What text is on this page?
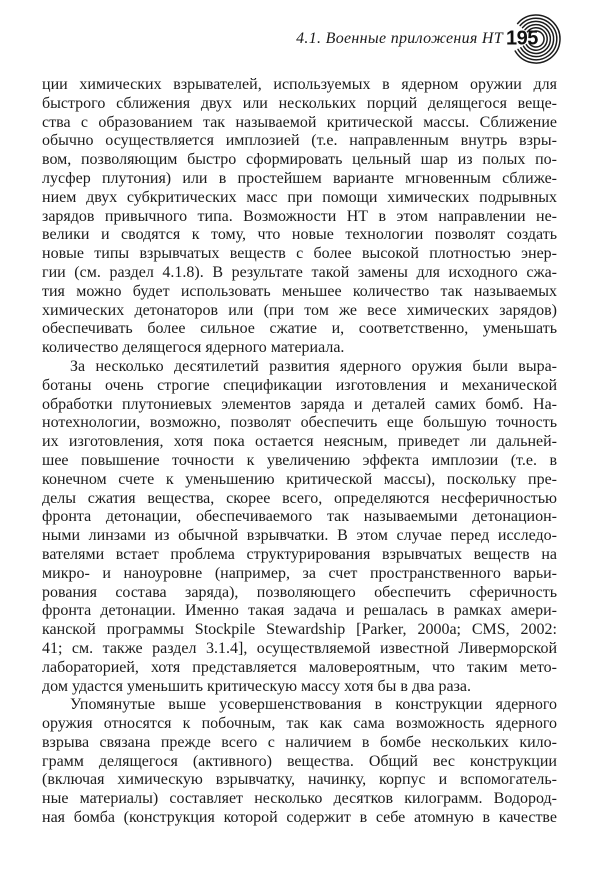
4.1. Военные приложения НТ 195
ции химических взрывателей, используемых в ядерном оружии для
быстрого сближения двух или нескольких порций делящегося веще-
ства с образованием так называемой критической массы. Сближение
обычно осуществляется имплозией (т.е. направленным внутрь взры-
вом, позволяющим быстро сформировать цельный шар из полых по-
лусфер плутония) или в простейшем варианте мгновенным сближе-
нием двух субкритических масс при помощи химических подрывных
зарядов привычного типа. Возможности НТ в этом направлении не-
велики и сводятся к тому, что новые технологии позволят создать
новые типы взрывчатых веществ с более высокой плотностью энер-
гии (см. раздел 4.1.8). В результате такой замены для исходного сжа-
тия можно будет использовать меньшее количество так называемых
химических детонаторов или (при том же весе химических зарядов)
обеспечивать более сильное сжатие и, соответственно, уменьшать
количество делящегося ядерного материала.
За несколько десятилетий развития ядерного оружия были выра-
ботаны очень строгие спецификации изготовления и механической
обработки плутониевых элементов заряда и деталей самих бомб. На-
нотехнологии, возможно, позволят обеспечить еще большую точность
их изготовления, хотя пока остается неясным, приведет ли дальней-
шее повышение точности к увеличению эффекта имплозии (т.е. в
конечном счете к уменьшению критической массы), поскольку пре-
делы сжатия вещества, скорее всего, определяются несферичностью
фронта детонации, обеспечиваемого так называемыми детонацион-
ными линзами из обычной взрывчатки. В этом случае перед исследо-
вателями встает проблема структурирования взрывчатых веществ на
микро- и наноуровне (например, за счет пространственного варьи-
рования состава заряда), позволяющего обеспечить сферичность
фронта детонации. Именно такая задача и решалась в рамках амери-
канской программы Stockpile Stewardship [Parker, 2000a; CMS, 2002:
41; см. также раздел 3.1.4], осуществляемой известной Ливерморской
лабораторией, хотя представляется маловероятным, что таким мето-
дом удастся уменьшить критическую массу хотя бы в два раза.
Упомянутые выше усовершенствования в конструкции ядерного
оружия относятся к побочным, так как сама возможность ядерного
взрыва связана прежде всего с наличием в бомбе нескольких кило-
грамм делящегося (активного) вещества. Общий вес конструкции
(включая химическую взрывчатку, начинку, корпус и вспомогатель-
ные материалы) составляет несколько десятков килограмм. Водород-
ная бомба (конструкция которой содержит в себе атомную в качестве
